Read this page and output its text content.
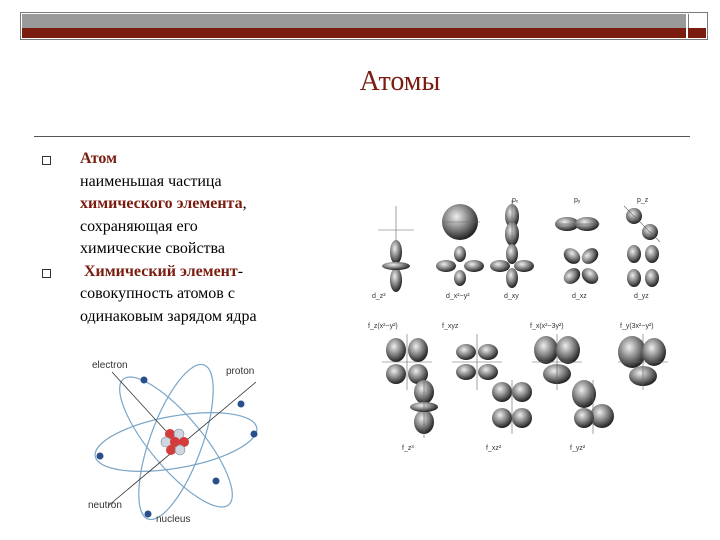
Атомы
Атом
наименьшая частица
химического элемента,
сохраняющая его
химические свойства
Химический элемент-
совокупность атомов с
одинаковым зарядом ядра
electron
proton
neutron
nucleus
pₓ	pᵧ	p_z
d_z²	d_x²−y²	d_xy	d_xz	d_yz
f_z(x²−y²)	f_xyz	f_x(x²−3y²)	f_y(3x²−y²)
f_z³	f_xz²	f_yz²
